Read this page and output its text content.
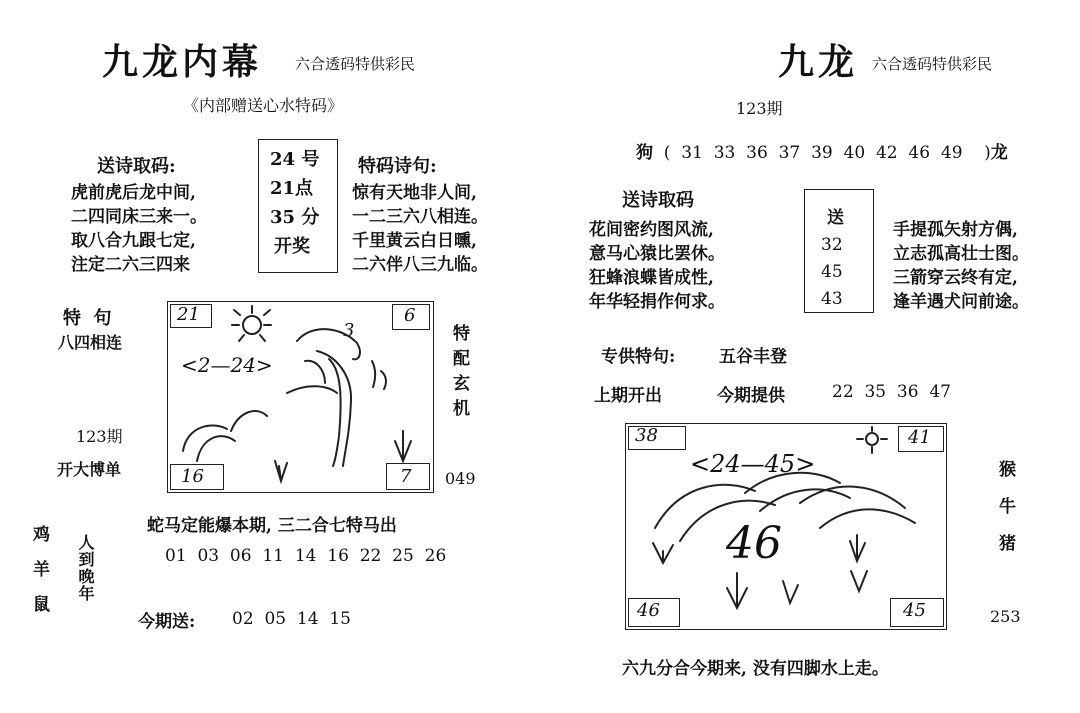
九龙内幕 六合透码特供彩民
《内部赠送心水特码》
送诗取码:
虎前虎后龙中间,
二四同床三来一。
取八合九跟七定,
注定二六三四来
24 号
21点
35 分
开奖
特码诗句:
惊有天地非人间,
一二三六八相连。
千里黄云白日曛,
二六伴八三九临。
特  句
八四相连
123期
开大博单
21	6
16	7
<2—24>
3	特配玄机
049
蛇马定能爆本期, 三二合七特马出
01 03 06 11 14 16 22 25 26
鸡羊鼠 人到晚年
今期送: 02 05 14 15
九龙 六合透码特供彩民
123期
狗  (  31 33 36 37 39 40 42 46 49    )龙
送诗取码
花间密约图风流,
意马心猿比罢休。
狂蜂浪蝶皆成性,
年华轻捐作何求。
送
32
45
43
手提孤矢射方偶,
立志孤高壮士图。
三箭穿云终有定,
逢羊遇犬问前途。
专供特句:	五谷丰登
上期开出	今期提供	22 35 36 47
38	41
46	45
<24—45>
46	猴牛猪
253
六九分合今期来, 没有四脚水上走。
